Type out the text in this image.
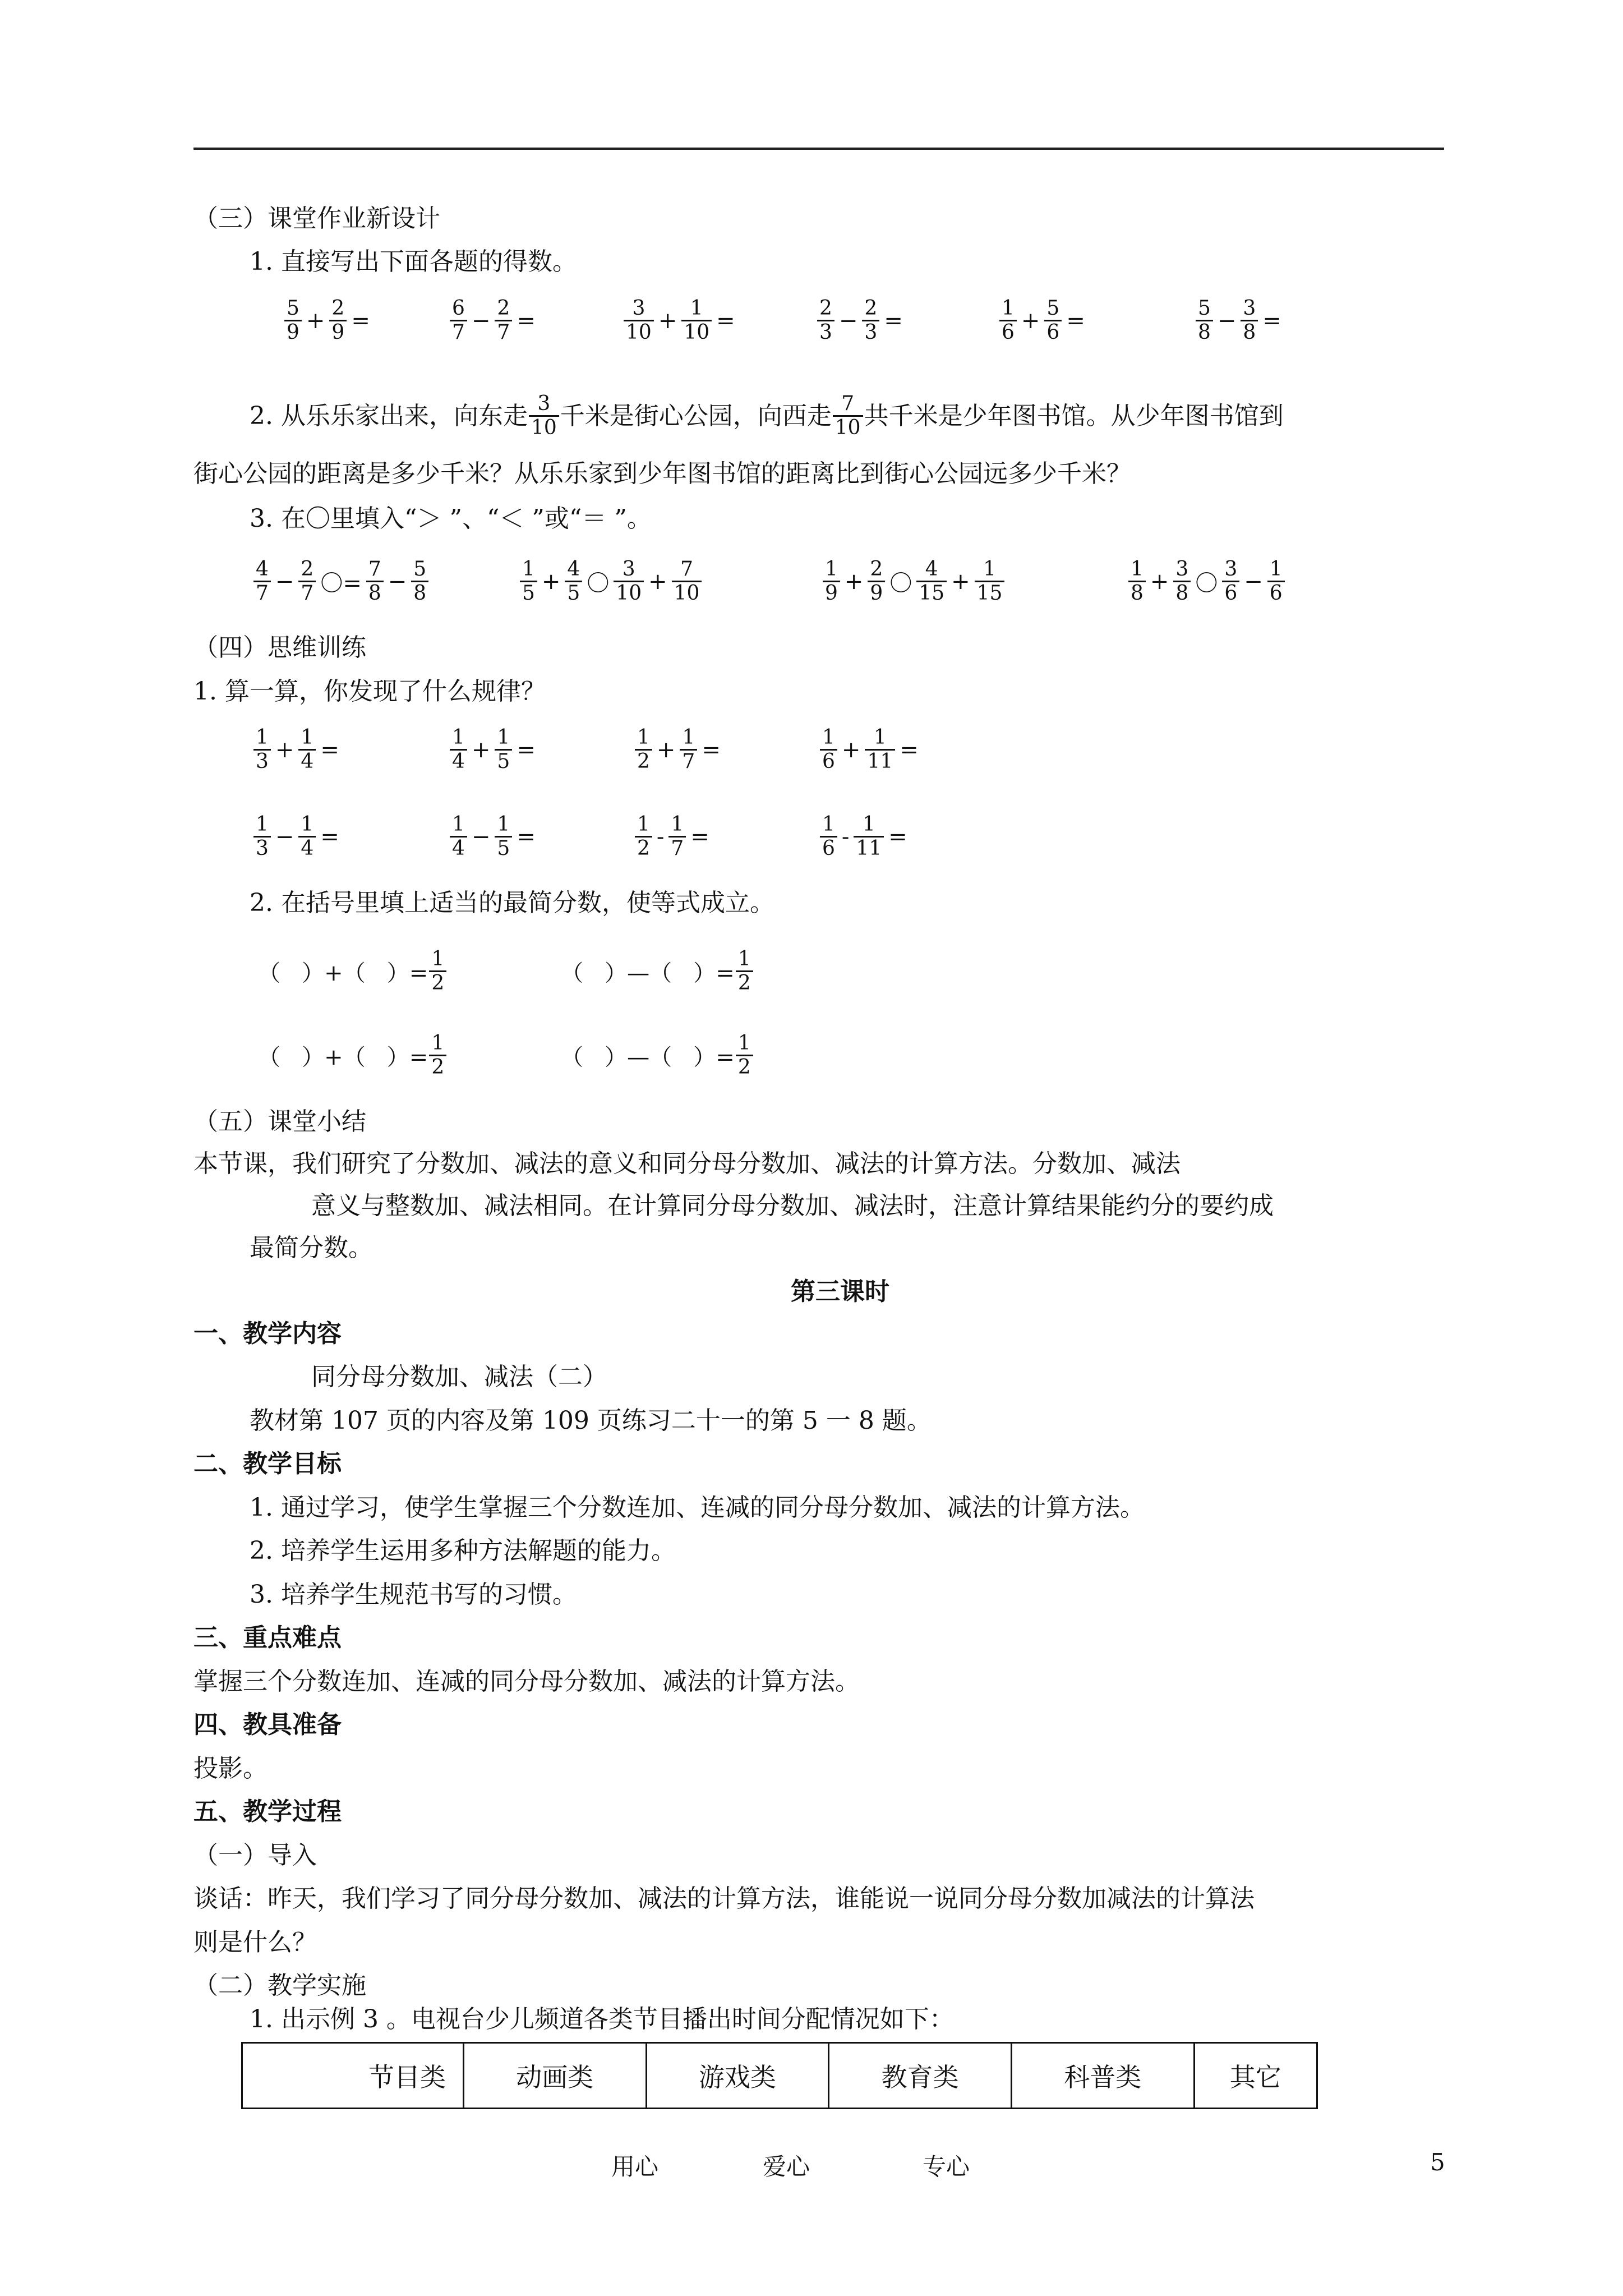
（三）课堂作业新设计
1. 直接写出下面各题的得数。
$\frac{5}{9} + \frac{2}{9}$ =	$\frac{6}{7} - \frac{2}{7}$ =	$\frac{3}{10} + \frac{1}{10}$ =	$\frac{2}{3} - \frac{2}{3}$ =	$\frac{1}{6} + \frac{5}{6}$ =	$\frac{5}{8} - \frac{3}{8}$ =
2. 从乐乐家出来，向东走 $\frac{3}{10}$ 千米是街心公园，向西走 $\frac{7}{10}$ 共千米是少年图书馆。从少年图书馆到
街心公园的距离是多少千米？从乐乐家到少年图书馆的距离比到街心公园远多少千米？
3. 在〇里填入“＞ ”、“＜ ”或“＝ ”。
$\frac{4}{7} - \frac{2}{7}$ 〇= $\frac{7}{8} - \frac{5}{8}$	$\frac{1}{5} + \frac{4}{5}$ 〇 $\frac{3}{10} + \frac{7}{10}$	$\frac{1}{9} + \frac{2}{9}$ 〇 $\frac{4}{15} + \frac{1}{15}$	$\frac{1}{8} + \frac{3}{8}$ 〇 $\frac{3}{6} - \frac{1}{6}$
（四）思维训练
1. 算一算，你发现了什么规律？
$\frac{1}{3} + \frac{1}{4}$ =	$\frac{1}{4} + \frac{1}{5}$ =	$\frac{1}{2} + \frac{1}{7}$ =	$\frac{1}{6} + \frac{1}{11}$ =
$\frac{1}{3} - \frac{1}{4}$ =	$\frac{1}{4} - \frac{1}{5}$ =	$\frac{1}{2} - \frac{1}{7}$ =	$\frac{1}{6} - \frac{1}{11}$ =
2. 在括号里填上适当的最简分数，使等式成立。
（   ）+（   ）= $\frac{1}{2}$	（   ）—（   ）= $\frac{1}{2}$
（   ）+（   ）= $\frac{1}{2}$	（   ）—（   ）= $\frac{1}{2}$
（五）课堂小结
本节课，我们研究了分数加、减法的意义和同分母分数加、减法的计算方法。分数加、减法
意义与整数加、减法相同。在计算同分母分数加、减法时，注意计算结果能约分的要约成
最简分数。
第三课时
一、教学内容
同分母分数加、减法（二）
教材第 107 页的内容及第 109 页练习二十一的第 5 一 8 题。
二、教学目标
1. 通过学习，使学生掌握三个分数连加、连减的同分母分数加、减法的计算方法。
2. 培养学生运用多种方法解题的能力。
3. 培养学生规范书写的习惯。
三、重点难点
掌握三个分数连加、连减的同分母分数加、减法的计算方法。
四、教具准备
投影。
五、教学过程
（一）导入
谈话：昨天，我们学习了同分母分数加、减法的计算方法，谁能说一说同分母分数加减法的计算法
则是什么？
（二）教学实施
1. 出示例 3 。电视台少儿频道各类节目播出时间分配情况如下：
节目类	动画类	游戏类	教育类	科普类	其它
用心	爱心	专心	5
